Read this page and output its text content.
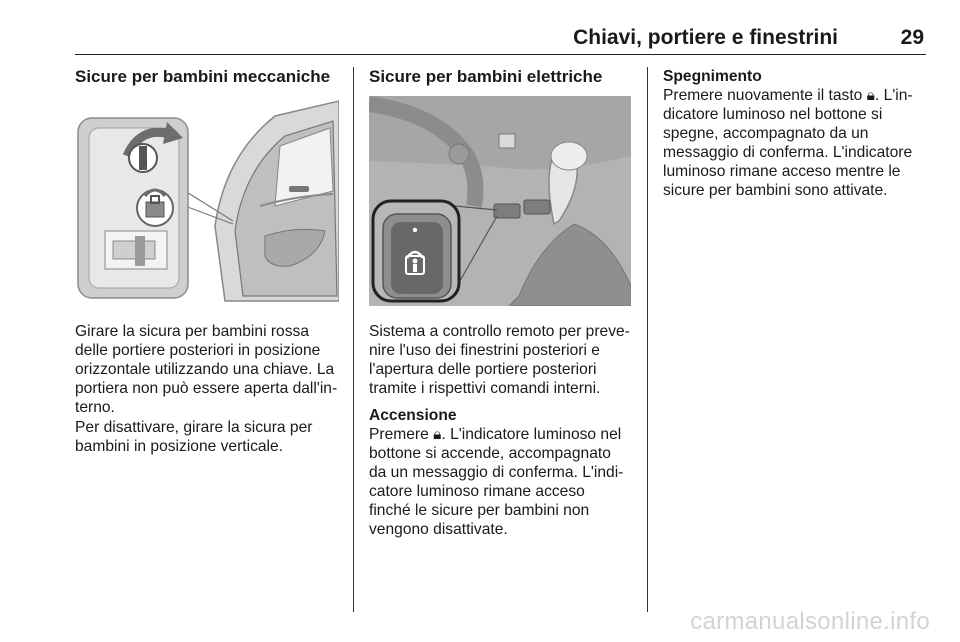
Chiavi, portiere e finestrini	29
Sicure per bambini meccaniche
Girare la sicura per bambini rossa
delle portiere posteriori in posizione
orizzontale utilizzando una chiave. La
portiera non può essere aperta dall'in-
terno.
Per disattivare, girare la sicura per
bambini in posizione verticale.
Sicure per bambini elettriche
Sistema a controllo remoto per preve-
nire l'uso dei finestrini posteriori e
l'apertura delle portiere posteriori
tramite i rispettivi comandi interni.
Accensione
Premere 🔒︎. L'indicatore luminoso nel
bottone si accende, accompagnato
da un messaggio di conferma. L'indi-
catore luminoso rimane acceso
finché le sicure per bambini non
vengono disattivate.
Spegnimento
Premere nuovamente il tasto 🔒︎. L'in-
dicatore luminoso nel bottone si
spegne, accompagnato da un
messaggio di conferma. L'indicatore
luminoso rimane acceso mentre le
sicure per bambini sono attivate.
carmanualsonline.info
